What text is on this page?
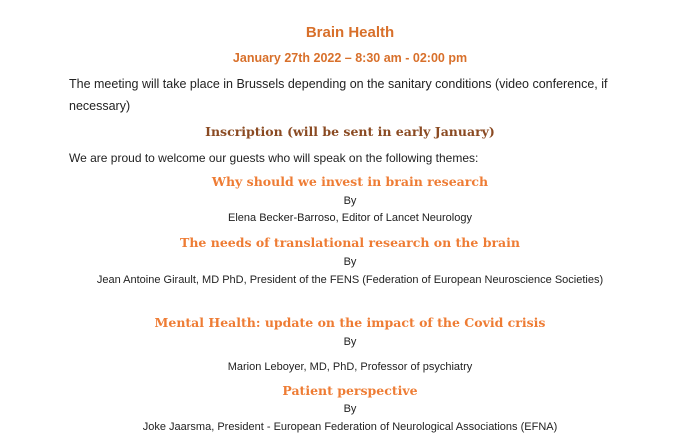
Brain Health
January 27th 2022 – 8:30 am - 02:00 pm
The meeting will take place in Brussels depending on the sanitary conditions (video conference, if necessary)
Inscription (will be sent in early January)
We are proud to welcome our guests who will speak on the following themes:
Why should we invest in brain research
By
Elena Becker-Barroso, Editor of Lancet Neurology
The needs of translational research on the brain
By
Jean Antoine Girault, MD PhD, President of the FENS (Federation of European Neuroscience Societies)
Mental Health: update on the impact of the Covid crisis
By
Marion Leboyer, MD, PhD, Professor of psychiatry
Patient perspective
By
Joke Jaarsma, President - European Federation of Neurological Associations (EFNA)
